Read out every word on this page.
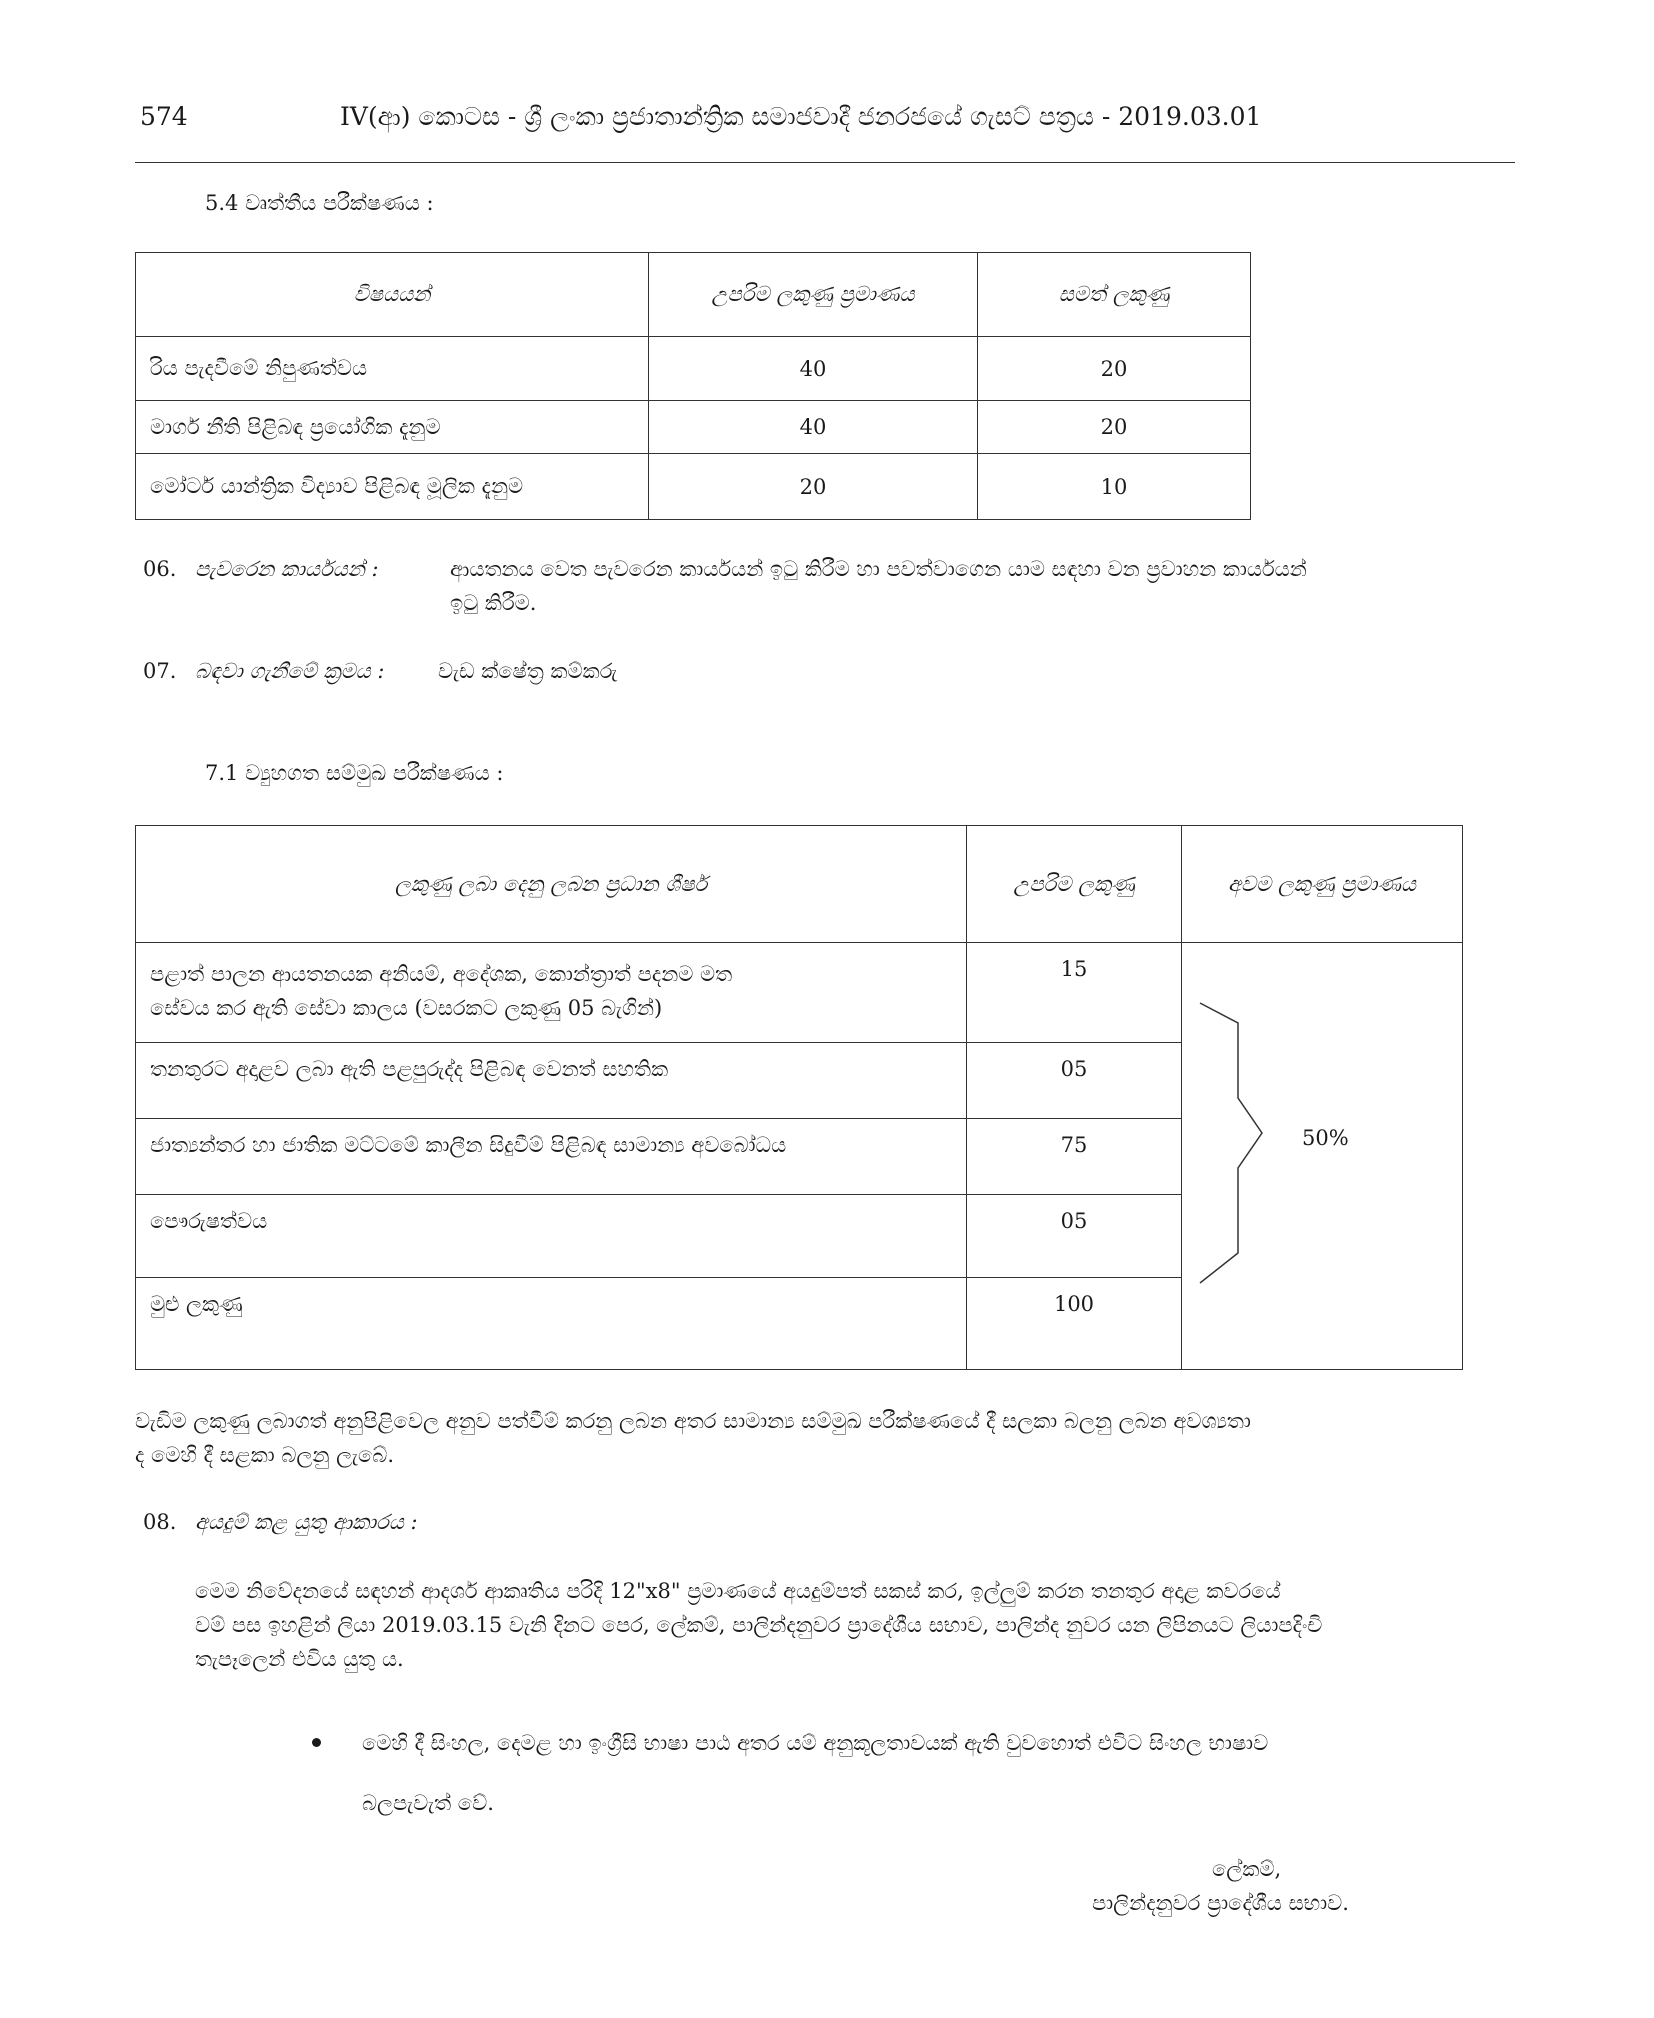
574	IV(ආ) කොටස - ශ්‍රී ලංකා ප්‍රජාතාන්ත්‍රික සමාජවාදී ජනරජයේ ගැසට් පත්‍රය - 2019.03.01
5.4 වෘත්තීය පරීක්ෂණය :
විෂයයන්	උපරිම ලකුණු ප්‍රමාණය	සමත් ලකුණු
රිය පැදවීමේ නිපුණත්වය	40	20
මාර්ග නීති පිළිබඳ ප්‍රයෝගික දැනුම	40	20
මෝටර් යාන්ත්‍රික විද්‍යාව පිළිබඳ මූලික දැනුම	20	10
06. පැවරෙන කාර්යයන් :	ආයතනය වෙත පැවරෙන කාර්යයන් ඉටු කිරීම හා පවත්වාගෙන යාම සඳහා වන ප්‍රවාහන කාර්යයන්
ඉටු කිරීම.
07. බඳවා ගැනීමේ ක්‍රමය :	වැඩ ක්ෂේත්‍ර කම්කරු
7.1 ව්‍යුහගත සම්මුඛ පරීක්ෂණය :
ලකුණු ලබා දෙනු ලබන ප්‍රධාන ශීර්ෂ	උපරිම ලකුණු	අවම ලකුණු ප්‍රමාණය

පළාත් පාලන ආයතනයක අනියම්, අදේශක, කොන්ත්‍රාත් පදනම මත
සේවය කර ඇති සේවා කාලය (වසරකට ලකුණු 05 බැගින්)	15	50%

තනතුරට අදාළව ලබා ඇති පළපුරුද්ද පිළිබඳ වෙනත් සහතික	05	
ජාත්‍යන්තර හා ජාතික මට්ටමේ කාලීන සිදුවීම් පිළිබඳ සාමාන්‍ය අවබෝධය	75	
පෞරුෂත්වය	05	
මුළු ලකුණු	100	
වැඩිම ලකුණු ලබාගත් අනුපිළිවෙල අනුව පත්වීම් කරනු ලබන අතර සාමාන්‍ය සම්මුඛ පරීක්ෂණයේ දී සලකා බලනු ලබන අවශ්‍යතා
ද මෙහි දී සළකා බලනු ලැබේ.
08. අයදුම් කළ යුතු ආකාරය :
මෙම නිවේදනයේ සඳහන් ආදර්ශ ආකෘතිය පරිදි 12"x8" ප්‍රමාණයේ අයදුම්පත් සකස් කර, ඉල්ලුම් කරන තනතුර අදාළ කවරයේ
වම් පස ඉහළින් ලියා 2019.03.15 වැනි දිනට පෙර, ලේකම්, පාලින්දනුවර ප්‍රාදේශීය සභාව, පාලින්ද නුවර යන ලිපිනයට ලියාපදිංචි
තැපෑලෙන් එවිය යුතු ය.
මෙහි දී සිංහල, දෙමළ හා ඉංග්‍රීසි භාෂා පාඨ අතර යම් අනුකූලතාවයක් ඇති වුවහොත් එවිට සිංහල භාෂාව
බලපැවැත් වේ.
ලේකම්,
පාලින්දනුවර ප්‍රාදේශීය සභාව.
